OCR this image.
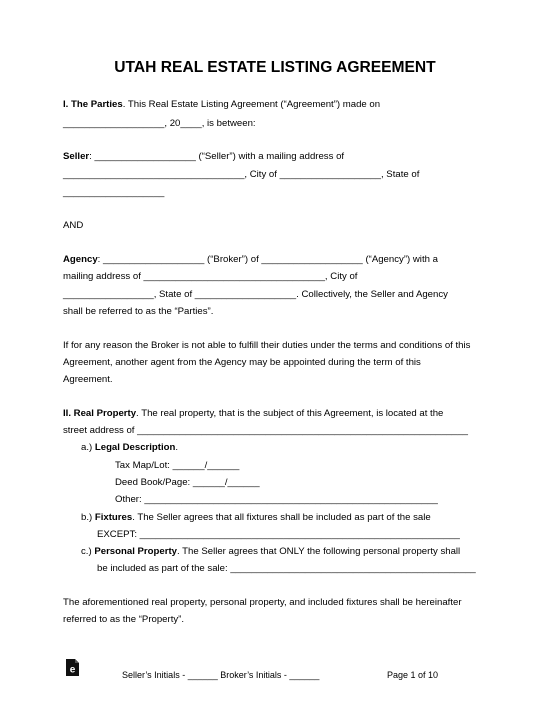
UTAH REAL ESTATE LISTING AGREEMENT

I. The Parties. This Real Estate Listing Agreement (“Agreement”) made on

___________________, 20____, is between:

Seller: ___________________ (“Seller”) with a mailing address of

__________________________________, City of ___________________, State of

___________________

AND

Agency: ___________________ (“Broker”) of ___________________ (“Agency”) with a

mailing address of __________________________________, City of

_________________, State of ___________________. Collectively, the Seller and Agency

shall be referred to as the “Parties”.

If for any reason the Broker is not able to fulfill their duties under the terms and conditions of this

Agreement, another agent from the Agency may be appointed during the term of this

Agreement.

II. Real Property. The real property, that is the subject of this Agreement, is located at the

street address of ______________________________________________________________

a.) Legal Description.

Tax Map/Lot: ______/______

Deed Book/Page: ______/______

Other: _______________________________________________________

b.) Fixtures. The Seller agrees that all fixtures shall be included as part of the sale

EXCEPT: ____________________________________________________________

c.) Personal Property. The Seller agrees that ONLY the following personal property shall

be included as part of the sale: ______________________________________________

The aforementioned real property, personal property, and included fixtures shall be hereinafter

referred to as the “Property”.

e	Seller’s Initials - ______ Broker’s Initials - ______	Page 1 of 10
